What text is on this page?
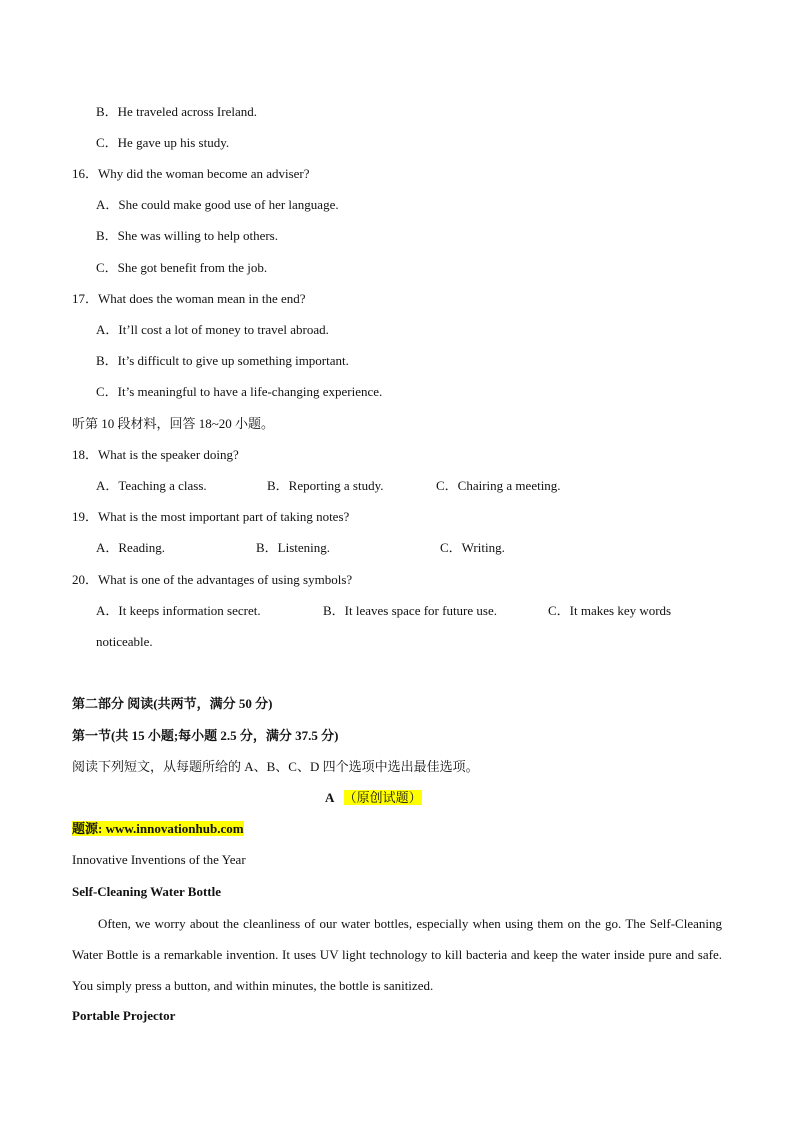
B．He traveled across Ireland.
C．He gave up his study.
16．Why did the woman become an adviser?
A．She could make good use of her language.
B．She was willing to help others.
C．She got benefit from the job.
17．What does the woman mean in the end?
A．It’ll cost a lot of money to travel abroad.
B．It’s difficult to give up something important.
C．It’s meaningful to have a life-changing experience.
听第 10 段材料，回答 18~20 小题。
18．What is the speaker doing?
A．Teaching a class.	B．Reporting a study.	C．Chairing a meeting.
19．What is the most important part of taking notes?
A．Reading.	B．Listening.	C．Writing.
20．What is one of the advantages of using symbols?
A．It keeps information secret.	B．It leaves space for future use.	C．It makes key words
noticeable.
第二部分 阅读(共两节，满分 50 分)
第一节(共 15 小题;每小题 2.5 分，满分 37.5 分)
阅读下列短文，从每题所给的 A、B、C、D 四个选项中选出最佳选项。
A （原创试题）
题源: www.innovationhub.com
Innovative Inventions of the Year
Self-Cleaning Water Bottle
Often, we worry about the cleanliness of our water bottles, especially when using them on the go. The Self-Cleaning Water Bottle is a remarkable invention. It uses UV light technology to kill bacteria and keep the water inside pure and safe. You simply press a button, and within minutes, the bottle is sanitized.
Portable Projector
